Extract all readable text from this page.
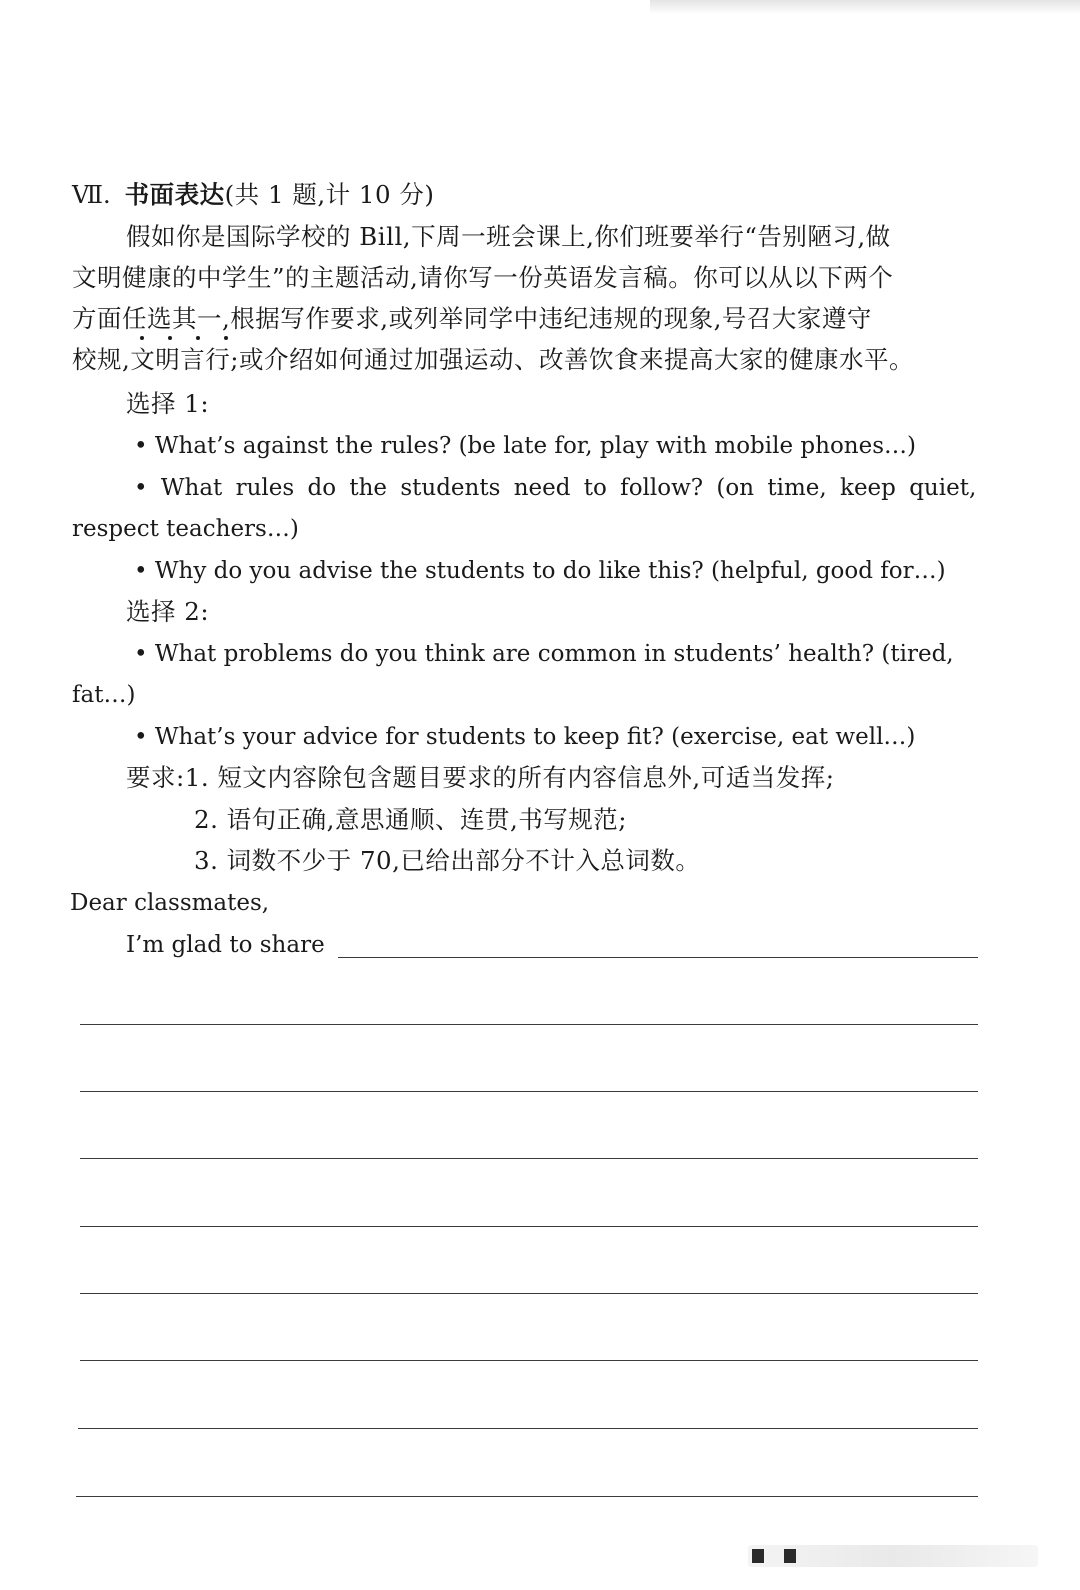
Ⅶ. 书面表达(共 1 题,计 10 分)
假如你是国际学校的 Bill,下周一班会课上,你们班要举行“告别陋习,做
文明健康的中学生”的主题活动,请你写一份英语发言稿。你可以从以下两个
方面任选其一,根据写作要求,或列举同学中违纪违规的现象,号召大家遵守
校规,文明言行;或介绍如何通过加强运动、改善饮食来提高大家的健康水平。
选择 1:
• What’s against the rules? (be late for, play with mobile phones…)
• What rules do the students need to follow? (on time, keep quiet,
respect teachers…)
• Why do you advise the students to do like this? (helpful, good for…)
选择 2:
• What problems do you think are common in students’ health? (tired,
fat…)
• What’s your advice for students to keep fit? (exercise, eat well…)
要求:1. 短文内容除包含题目要求的所有内容信息外,可适当发挥;
2. 语句正确,意思通顺、连贯,书写规范;
3. 词数不少于 70,已给出部分不计入总词数。
Dear classmates,
I’m glad to share
